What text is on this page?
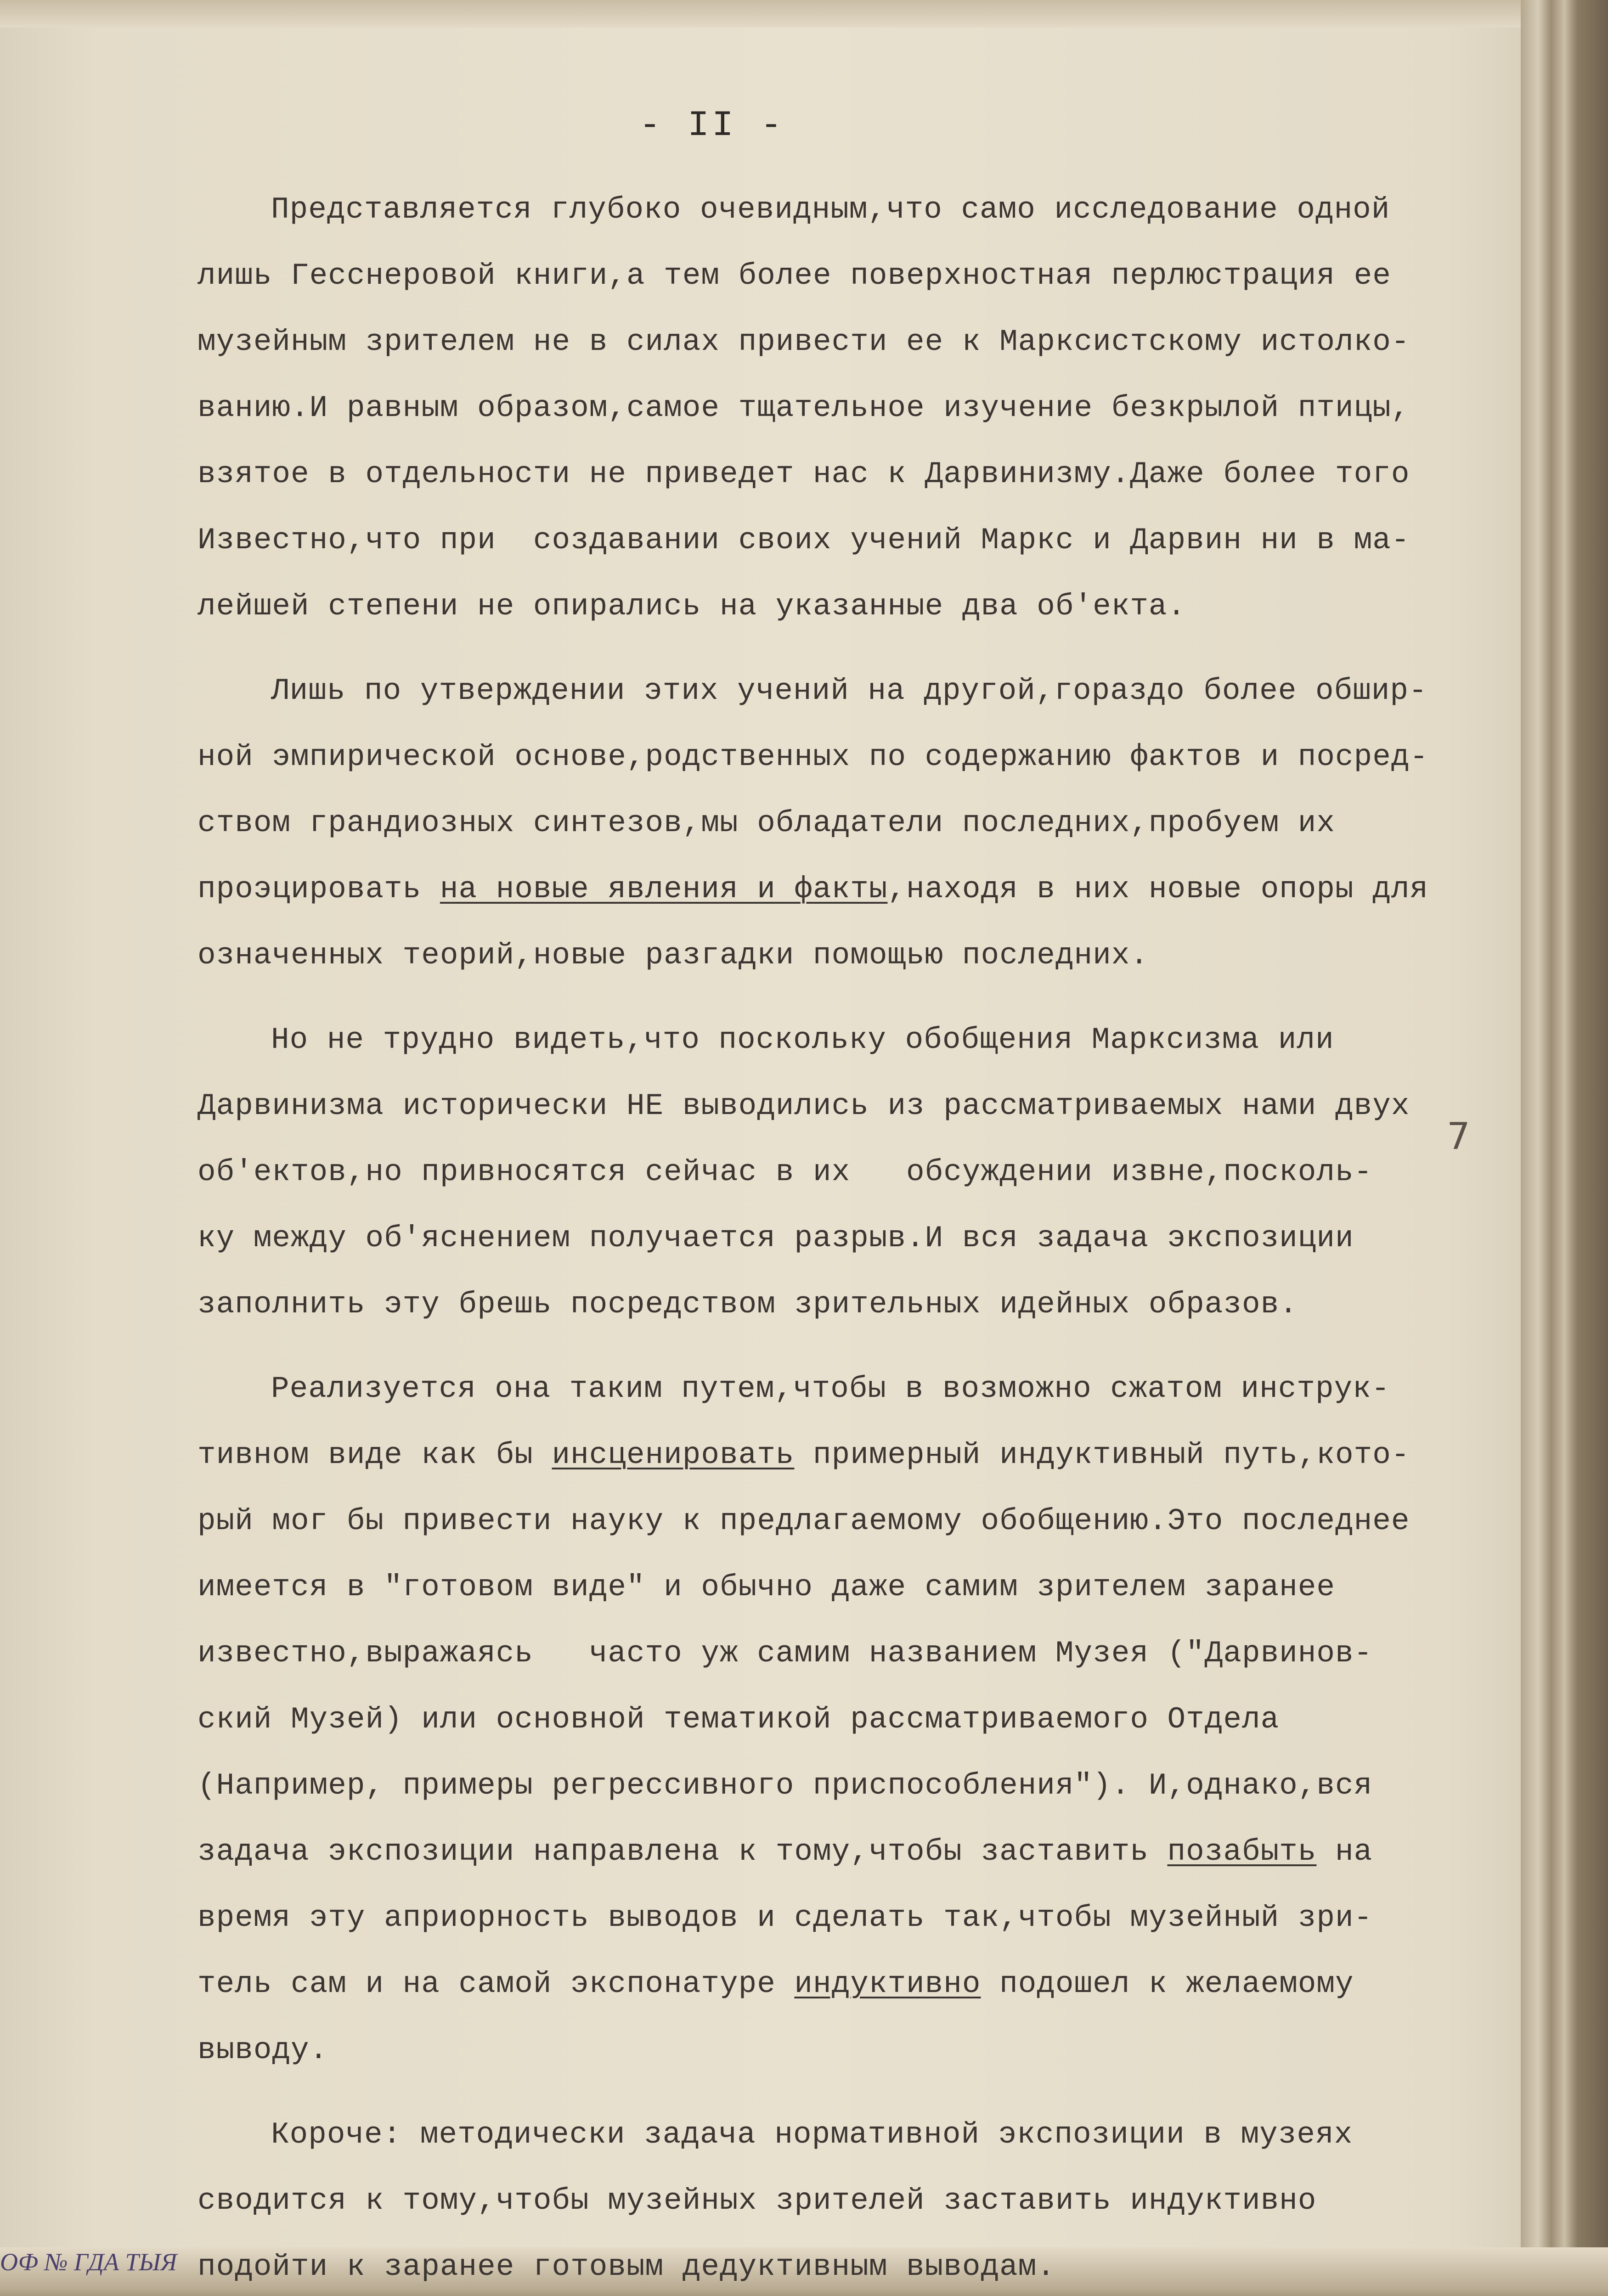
- II -
Представляется глубоко очевидным,что само исследование одной
лишь Гесснеровой книги,а тем более поверхностная перлюстрация ее
музейным зрителем не в силах привести ее к Марксистскому истолко-
ванию.И равным образом,самое тщательное изучение безкрылой птицы,
взятое в отдельности не приведет нас к Дарвинизму.Даже более того
Известно,что при  создавании своих учений Маркс и Дарвин ни в ма-
лейшей степени не опирались на указанные два об'екта.
Лишь по утверждении этих учений на другой,гораздо более обшир-
ной эмпирической основе,родственных по содержанию фактов и посред-
ством грандиозных синтезов,мы обладатели последних,пробуем их
проэцировать на новые явления и факты,находя в них новые опоры для
означенных теорий,новые разгадки помощью последних.
Но не трудно видеть,что поскольку обобщения Марксизма или
Дарвинизма исторически НЕ выводились из рассматриваемых нами двух
об'ектов,но привносятся сейчас в их   обсуждении извне,посколь-
ку между об'яснением получается разрыв.И вся задача экспозиции
заполнить эту брешь посредством зрительных идейных образов.
Реализуется она таким путем,чтобы в возможно сжатом инструк-
тивном виде как бы инсценировать примерный индуктивный путь,кото-
рый мог бы привести науку к предлагаемому обобщению.Это последнее
имеется в "готовом виде" и обычно даже самим зрителем заранее
известно,выражаясь   часто уж самим названием Музея ("Дарвинов-
ский Музей) или основной тематикой рассматриваемого Отдела
(Например, примеры регрессивного приспособления"). И,однако,вся
задача экспозиции направлена к тому,чтобы заставить позабыть на
время эту априорность выводов и сделать так,чтобы музейный зри-
тель сам и на самой экспонатуре индуктивно подошел к желаемому
выводу.
Короче: методически задача нормативной экспозиции в музеях
сводится к тому,чтобы музейных зрителей заставить индуктивно
подойти к заранее готовым дедуктивным выводам.
7
ОФ № ГДА ТЫЯ
